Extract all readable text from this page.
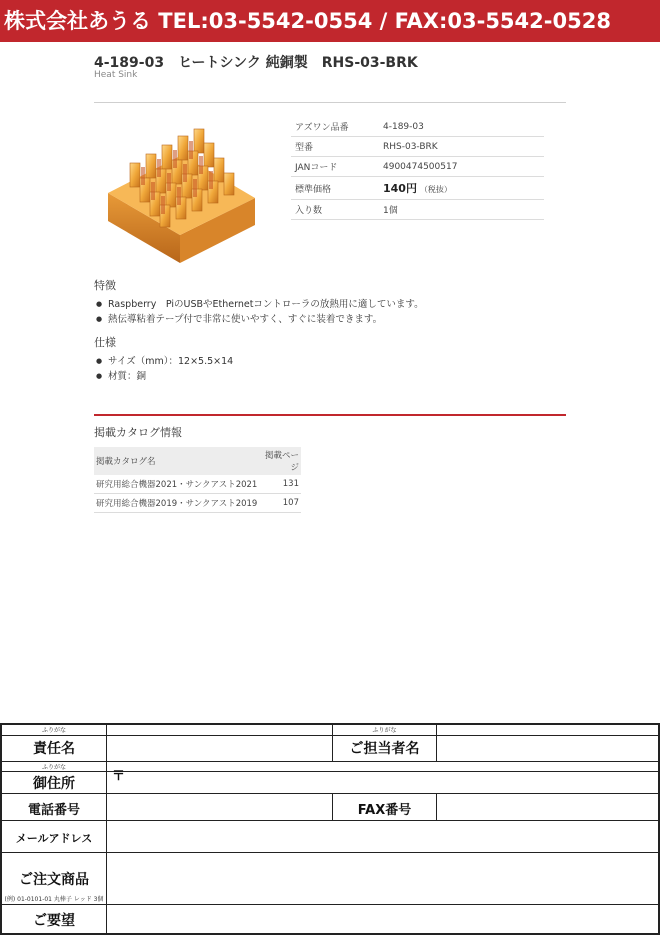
株式会社あうる TEL:03-5542-0554 / FAX:03-5542-0528
4-189-03　ヒートシンク 純銅製　RHS-03-BRK
Heat Sink
アズワン品番	4-189-03
型番	RHS-03-BRK
JANコード	4900474500517
標準価格	140円 （税抜）
入り数	1個
特徴
● Raspberry　PiのUSBやEthernetコントローラの放熱用に適しています。
● 熱伝導粘着テープ付で非常に使いやすく、すぐに装着できます。
仕様
● サイズ（mm）：12×5.5×14
● 材質：銅
掲載カタログ情報
掲載カタログ名	掲載ページ
研究用総合機器2021・サンクアスト2021	131
研究用総合機器2019・サンクアスト2019	107
ふりがな	ふりがな
責任名	ご担当者名
ふりがな
御住所	〒
電話番号	FAX番号
メールアドレス
ご注文商品
(例) 01-0101-01 丸棒子 レッド 3個
ご要望
